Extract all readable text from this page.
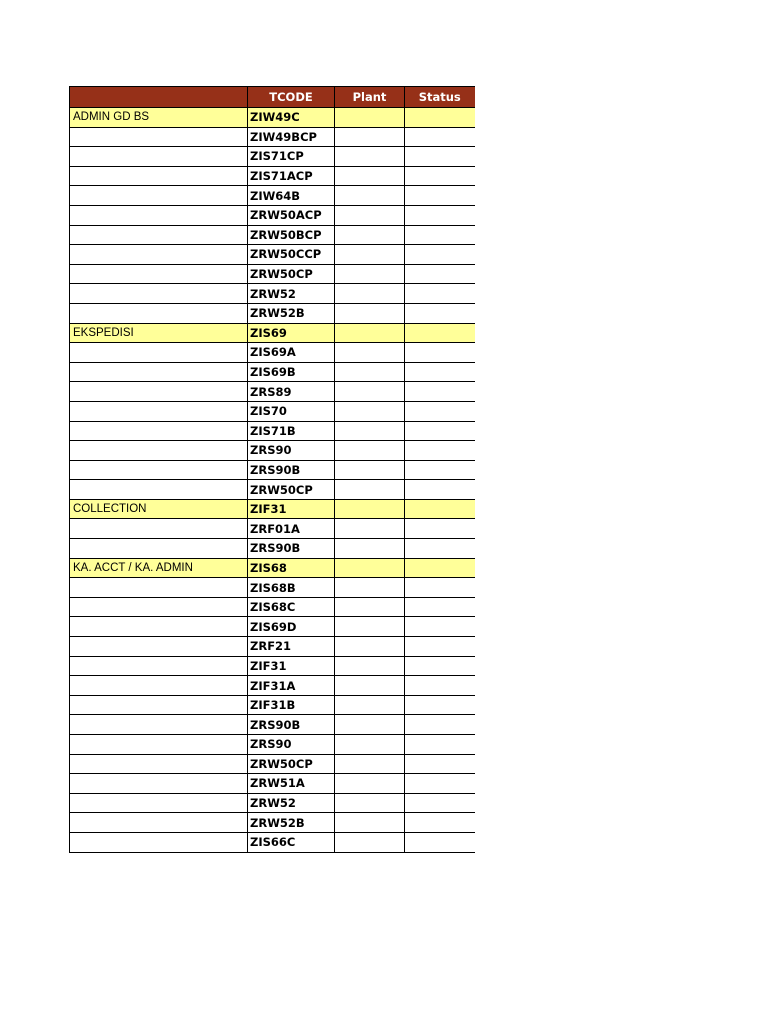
	TCODE	Plant	Status
ADMIN GD BS	ZIW49C		
	ZIW49BCP		
	ZIS71CP		
	ZIS71ACP		
	ZIW64B		
	ZRW50ACP		
	ZRW50BCP		
	ZRW50CCP		
	ZRW50CP		
	ZRW52		
	ZRW52B		
EKSPEDISI	ZIS69		
	ZIS69A		
	ZIS69B		
	ZRS89		
	ZIS70		
	ZIS71B		
	ZRS90		
	ZRS90B		
	ZRW50CP		
COLLECTION	ZIF31		
	ZRF01A		
	ZRS90B		
KA. ACCT / KA. ADMIN	ZIS68		
	ZIS68B		
	ZIS68C		
	ZIS69D		
	ZRF21		
	ZIF31		
	ZIF31A		
	ZIF31B		
	ZRS90B		
	ZRS90		
	ZRW50CP		
	ZRW51A		
	ZRW52		
	ZRW52B		
	ZIS66C		
